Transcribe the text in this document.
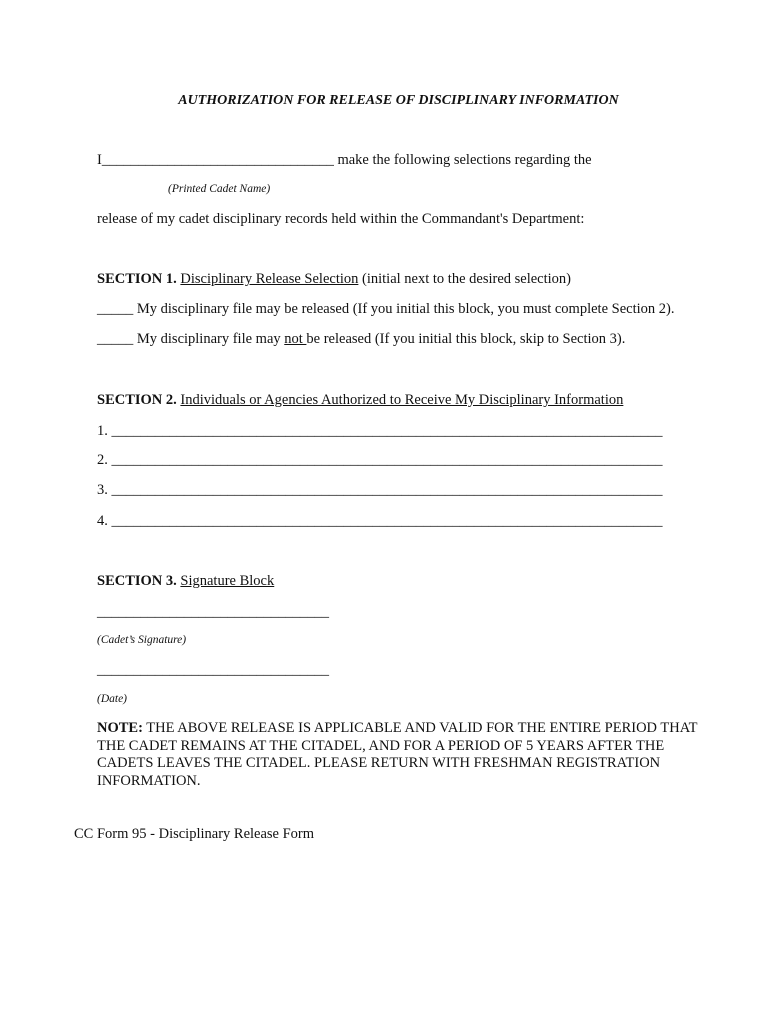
AUTHORIZATION FOR RELEASE OF DISCIPLINARY INFORMATION
I________________________________ make the following selections regarding the
(Printed Cadet Name)
release of my cadet disciplinary records held within the Commandant's Department:
SECTION 1. Disciplinary Release Selection (initial next to the desired selection)
_____ My disciplinary file may be released (If you initial this block, you must complete Section 2).
_____ My disciplinary file may not be released (If you initial this block, skip to Section 3).
SECTION 2. Individuals or Agencies Authorized to Receive My Disciplinary Information
1. ____________________________________________________________________________
2. ____________________________________________________________________________
3. ____________________________________________________________________________
4. ____________________________________________________________________________
SECTION 3. Signature Block
________________________________
(Cadet’s Signature)
________________________________
(Date)
NOTE: THE ABOVE RELEASE IS APPLICABLE AND VALID FOR THE ENTIRE PERIOD THAT THE CADET REMAINS AT THE CITADEL, AND FOR A PERIOD OF 5 YEARS AFTER THE CADETS LEAVES THE CITADEL. PLEASE RETURN WITH FRESHMAN REGISTRATION INFORMATION.
CC Form 95 - Disciplinary Release Form
